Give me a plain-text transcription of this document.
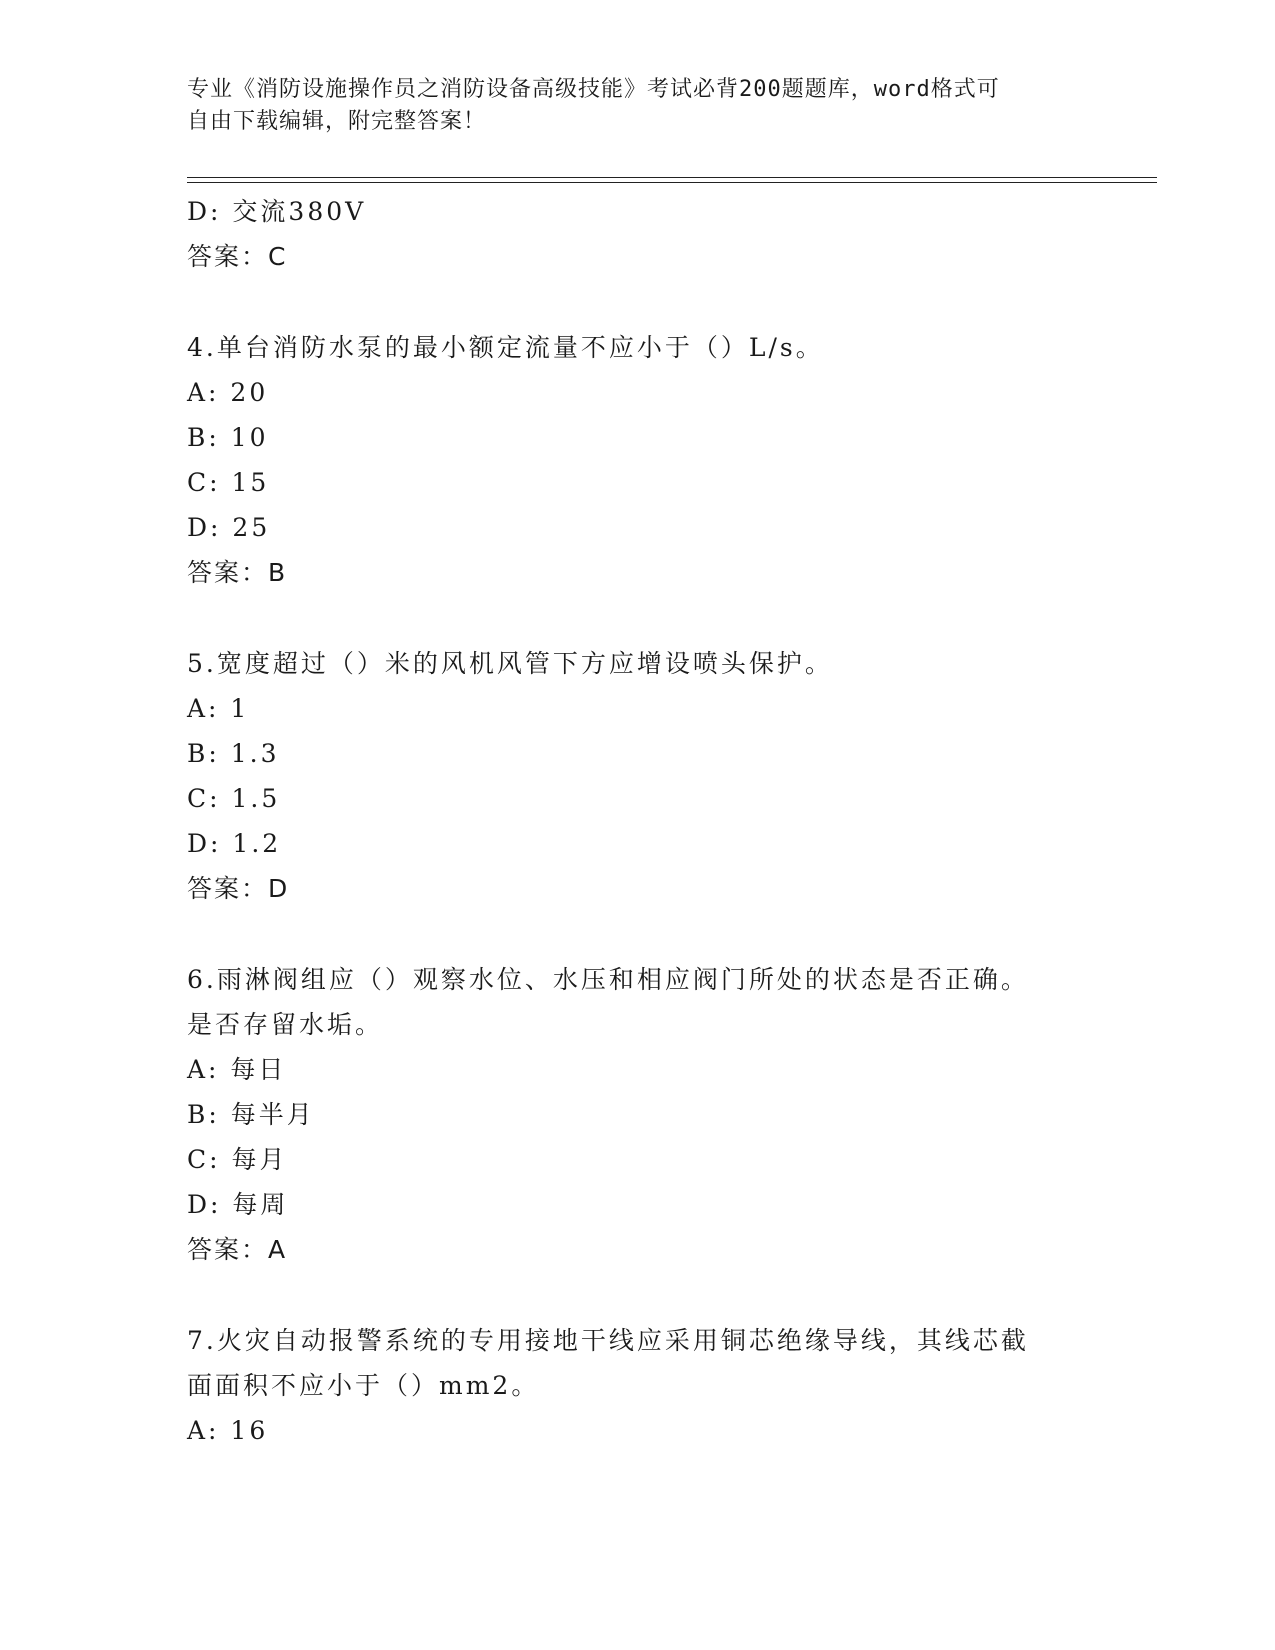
专业《消防设施操作员之消防设备高级技能》考试必背200题题库，word格式可
自由下载编辑，附完整答案！
D: 交流380V
答案：C
4.单台消防水泵的最小额定流量不应小于（）L/s。
A: 20
B: 10
C: 15
D: 25
答案：B
5.宽度超过（）米的风机风管下方应增设喷头保护。
A: 1
B: 1.3
C: 1.5
D: 1.2
答案：D
6.雨淋阀组应（）观察水位、水压和相应阀门所处的状态是否正确。
是否存留水垢。
A: 每日
B: 每半月
C: 每月
D: 每周
答案：A
7.火灾自动报警系统的专用接地干线应采用铜芯绝缘导线，其线芯截
面面积不应小于（）mm2。
A: 16
